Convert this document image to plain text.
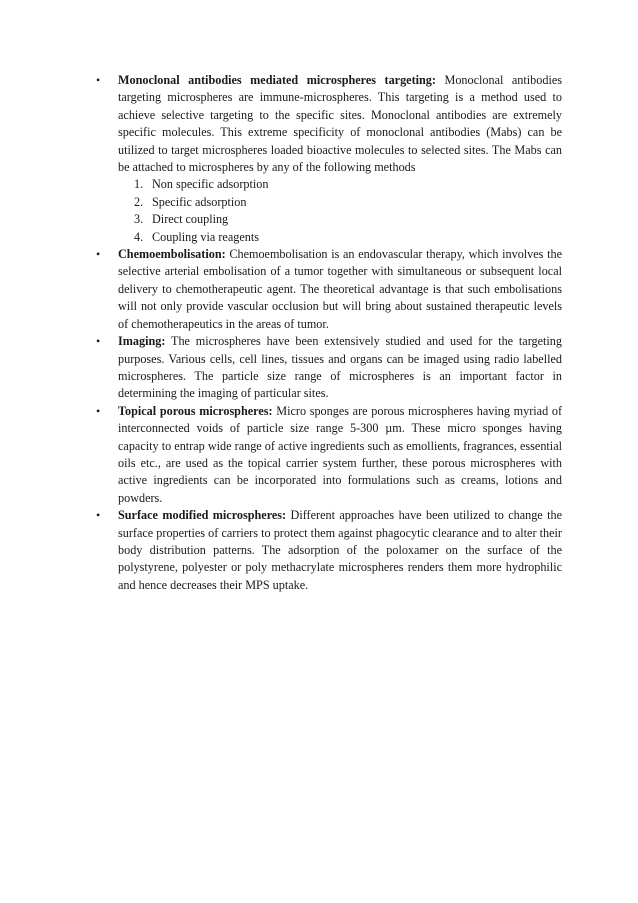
• Monoclonal antibodies mediated microspheres targeting: Monoclonal antibodies targeting microspheres are immune-microspheres. This targeting is a method used to achieve selective targeting to the specific sites. Monoclonal antibodies are extremely specific molecules. This extreme specificity of monoclonal antibodies (Mabs) can be utilized to target microspheres loaded bioactive molecules to selected sites. The Mabs can be attached to microspheres by any of the following methods
1. Non specific adsorption
2. Specific adsorption
3. Direct coupling
4. Coupling via reagents
• Chemoembolisation: Chemoembolisation is an endovascular therapy, which involves the selective arterial embolisation of a tumor together with simultaneous or subsequent local delivery to chemotherapeutic agent. The theoretical advantage is that such embolisations will not only provide vascular occlusion but will bring about sustained therapeutic levels of chemotherapeutics in the areas of tumor.
• Imaging: The microspheres have been extensively studied and used for the targeting purposes. Various cells, cell lines, tissues and organs can be imaged using radio labelled microspheres. The particle size range of microspheres is an important factor in determining the imaging of particular sites.
• Topical porous microspheres: Micro sponges are porous microspheres having myriad of interconnected voids of particle size range 5-300 µm. These micro sponges having capacity to entrap wide range of active ingredients such as emollients, fragrances, essential oils etc., are used as the topical carrier system further, these porous microspheres with active ingredients can be incorporated into formulations such as creams, lotions and powders.
• Surface modified microspheres: Different approaches have been utilized to change the surface properties of carriers to protect them against phagocytic clearance and to alter their body distribution patterns. The adsorption of the poloxamer on the surface of the polystyrene, polyester or poly methacrylate microspheres renders them more hydrophilic and hence decreases their MPS uptake.
